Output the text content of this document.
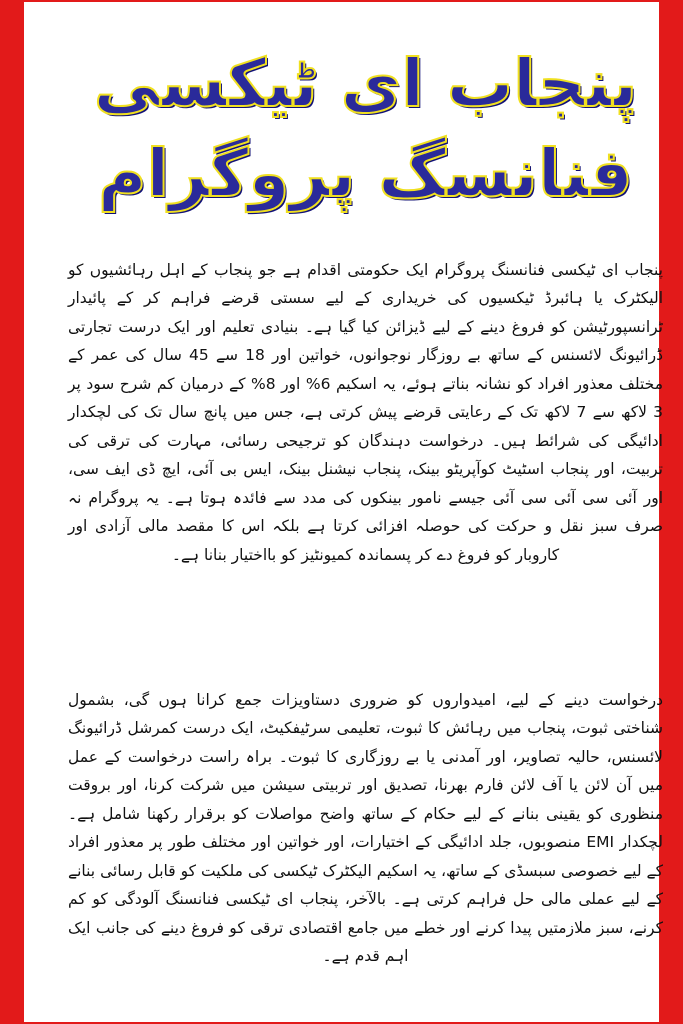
پنجاب ای ٹیکسی
فنانسگ پروگرام

پنجاب ای ٹیکسی فنانسنگ پروگرام ایک حکومتی اقدام ہے جو پنجاب کے اہل رہائشیوں کو الیکٹرک یا ہائبرڈ ٹیکسیوں کی خریداری کے لیے سستی قرضے فراہم کر کے پائیدار ٹرانسپورٹیشن کو فروغ دینے کے لیے ڈیزائن کیا گیا ہے۔ بنیادی تعلیم اور ایک درست تجارتی ڈرائیونگ لائسنس کے ساتھ بے روزگار نوجوانوں، خواتین اور 18 سے 45 سال کی عمر کے مختلف معذور افراد کو نشانہ بناتے ہوئے، یہ اسکیم 6% اور 8% کے درمیان کم شرح سود پر 3 لاکھ سے 7 لاکھ تک کے رعایتی قرضے پیش کرتی ہے، جس میں پانچ سال تک کی لچکدار ادائیگی کی شرائط ہیں۔ درخواست دہندگان کو ترجیحی رسائی، مہارت کی ترقی کی تربیت، اور پنجاب اسٹیٹ کوآپریٹو بینک، پنجاب نیشنل بینک، ایس بی آئی، ایچ ڈی ایف سی، اور آئی سی آئی سی آئی جیسے نامور بینکوں کی مدد سے فائدہ ہوتا ہے۔ یہ پروگرام نہ صرف سبز نقل و حرکت کی حوصلہ افزائی کرتا ہے بلکہ اس کا مقصد مالی آزادی اور کاروبار کو فروغ دے کر پسماندہ کمیونٹیز کو بااختیار بنانا ہے۔

درخواست دینے کے لیے، امیدواروں کو ضروری دستاویزات جمع کرانا ہوں گی، بشمول شناختی ثبوت، پنجاب میں رہائش کا ثبوت، تعلیمی سرٹیفکیٹ، ایک درست کمرشل ڈرائیونگ لائسنس، حالیہ تصاویر، اور آمدنی یا بے روزگاری کا ثبوت۔ براہ راست درخواست کے عمل میں آن لائن یا آف لائن فارم بھرنا، تصدیق اور تربیتی سیشن میں شرکت کرنا، اور بروقت منظوری کو یقینی بنانے کے لیے حکام کے ساتھ واضح مواصلات کو برقرار رکھنا شامل ہے۔ لچکدار EMI منصوبوں، جلد ادائیگی کے اختیارات، اور خواتین اور مختلف طور پر معذور افراد کے لیے خصوصی سبسڈی کے ساتھ، یہ اسکیم الیکٹرک ٹیکسی کی ملکیت کو قابل رسائی بنانے کے لیے عملی مالی حل فراہم کرتی ہے۔ بالآخر، پنجاب ای ٹیکسی فنانسنگ آلودگی کو کم کرنے، سبز ملازمتیں پیدا کرنے اور خطے میں جامع اقتصادی ترقی کو فروغ دینے کی جانب ایک اہم قدم ہے۔
